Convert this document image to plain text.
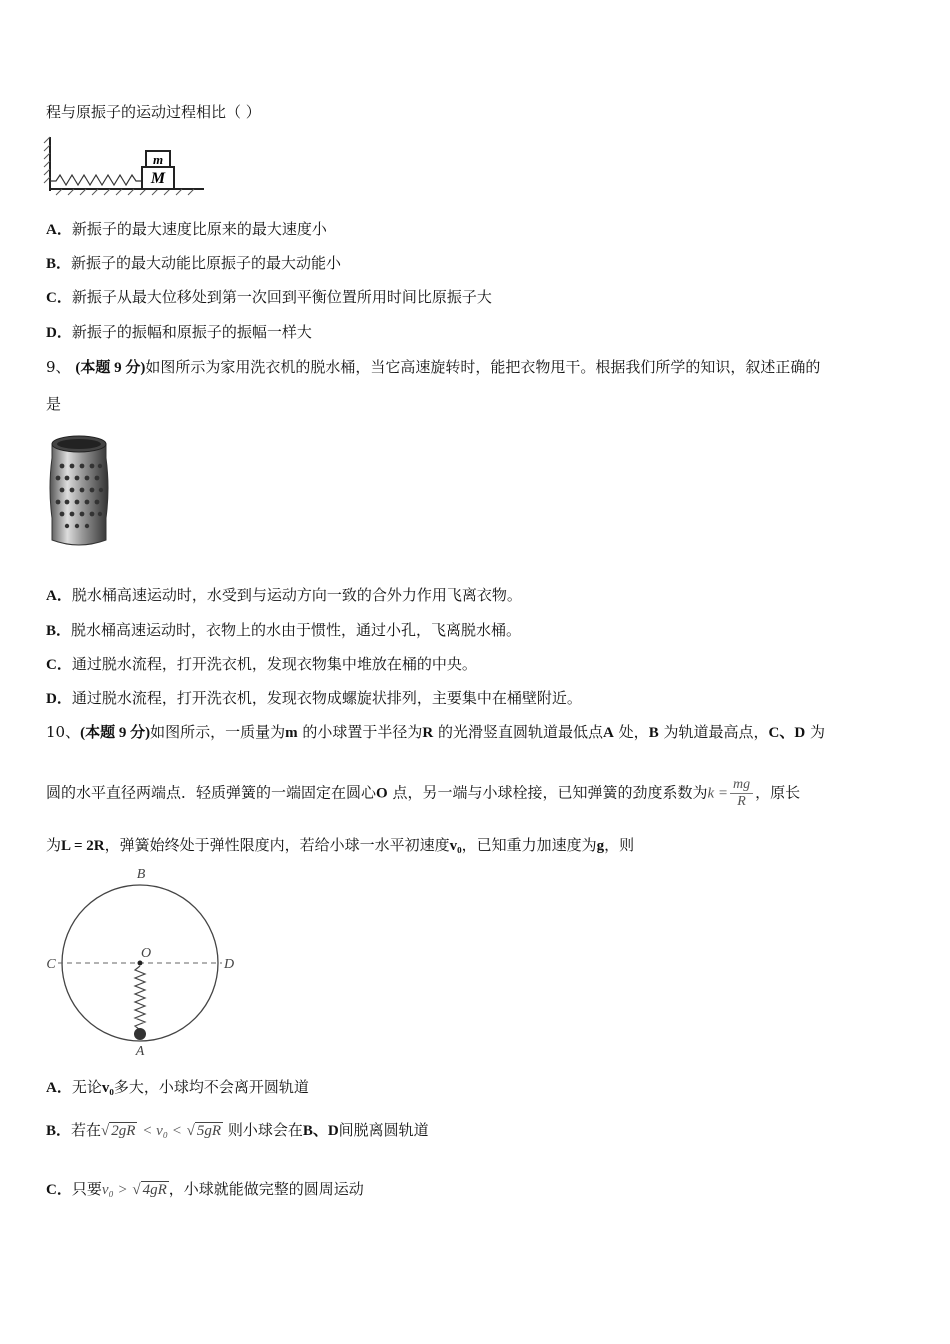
程与原振子的运动过程相比（ ）
M
m
A．新振子的最大速度比原来的最大速度小
B．新振子的最大动能比原振子的最大动能小
C．新振子从最大位移处到第一次回到平衡位置所用时间比原振子大
D．新振子的振幅和原振子的振幅一样大
9、 (本题 9 分)如图所示为家用洗衣机的脱水桶，当它高速旋转时，能把衣物甩干。根据我们所学的知识，叙述正确的
是
A．脱水桶高速运动时，水受到与运动方向一致的合外力作用飞离衣物。
B．脱水桶高速运动时，衣物上的水由于惯性，通过小孔，飞离脱水桶。
C．通过脱水流程，打开洗衣机，发现衣物集中堆放在桶的中央。
D．通过脱水流程，打开洗衣机，发现衣物成螺旋状排列，主要集中在桶壁附近。
10、(本题 9 分)如图所示，一质量为m 的小球置于半径为R 的光滑竖直圆轨道最低点A 处，B 为轨道最高点，C、D 为
圆的水平直径两端点．轻质弹簧的一端固定在圆心O 点，另一端与小球栓接，已知弹簧的劲度系数为$k = \frac{mg}{R}$ ，原长
为L = 2R，弹簧始终处于弹性限度内，若给小球一水平初速度v₀，已知重力加速度为g，则
B
C	D
O
A
A．无论v₀多大，小球均不会离开圆轨道
B．若在√ 2gR < v₀ < √ 5gR 则小球会在B、D间脱离圆轨道
C．只要v₀ > √ 4gR ，小球就能做完整的圆周运动
